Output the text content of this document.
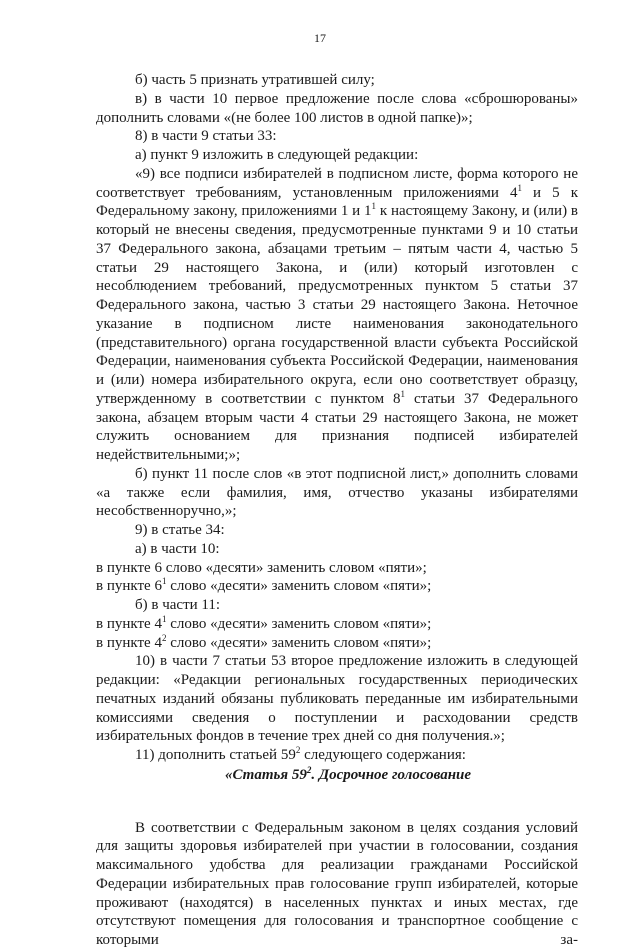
17

б) часть 5 признать утратившей силу;

в) в части 10 первое предложение после слова «сброшюрованы» дополнить словами «(не более 100 листов в одной папке)»;

8) в части 9 статьи 33:

а) пункт 9 изложить в следующей редакции:

«9) все подписи избирателей в подписном листе, форма которого не соответствует требованиям, установленным приложениями $4^1$ и 5 к Федеральному закону, приложениями 1 и $1^1$ к настоящему Закону, и (или) в который не внесены сведения, предусмотренные пунктами 9 и 10 статьи 37 Федерального закона, абзацами третьим – пятым части 4, частью 5 статьи 29 настоящего Закона, и (или) который изготовлен с несоблюдением требований, предусмотренных пунктом 5 статьи 37 Федерального закона, частью 3 статьи 29 настоящего Закона. Неточное указание в подписном листе наименования законодательного (представительного) органа государственной власти субъекта Российской Федерации, наименования субъекта Российской Федерации, наименования и (или) номера избирательного округа, если оно соответствует образцу, утвержденному в соответствии с пунктом $8^1$ статьи 37 Федерального закона, абзацем вторым части 4 статьи 29 настоящего Закона, не может служить основанием для признания подписей избирателей недействительными;»;

б) пункт 11 после слов «в этот подписной лист,» дополнить словами «а также если фамилия, имя, отчество указаны избирателями несобственноручно,»;

9) в статье 34:

а) в части 10:

в пункте 6 слово «десяти» заменить словом «пяти»;

в пункте $6^1$ слово «десяти» заменить словом «пяти»;

б) в части 11:

в пункте $4^1$ слово «десяти» заменить словом «пяти»;

в пункте $4^2$ слово «десяти» заменить словом «пяти»;

10) в части 7 статьи 53 второе предложение изложить в следующей редакции: «Редакции региональных государственных периодических печатных изданий обязаны публиковать переданные им избирательными комиссиями сведения о поступлении и расходовании средств избирательных фондов в течение трех дней со дня получения.»;

11) дополнить статьей $59^2$ следующего содержания:

«Статья $59^2$. Досрочное голосование

В соответствии с Федеральным законом в целях создания условий для защиты здоровья избирателей при участии в голосовании, создания максимального удобства для реализации гражданами Российской Федерации избирательных прав голосование групп избирателей, которые проживают (находятся) в населенных пунктах и иных местах, где отсутствуют помещения для голосования и транспортное сообщение с которыми за-
